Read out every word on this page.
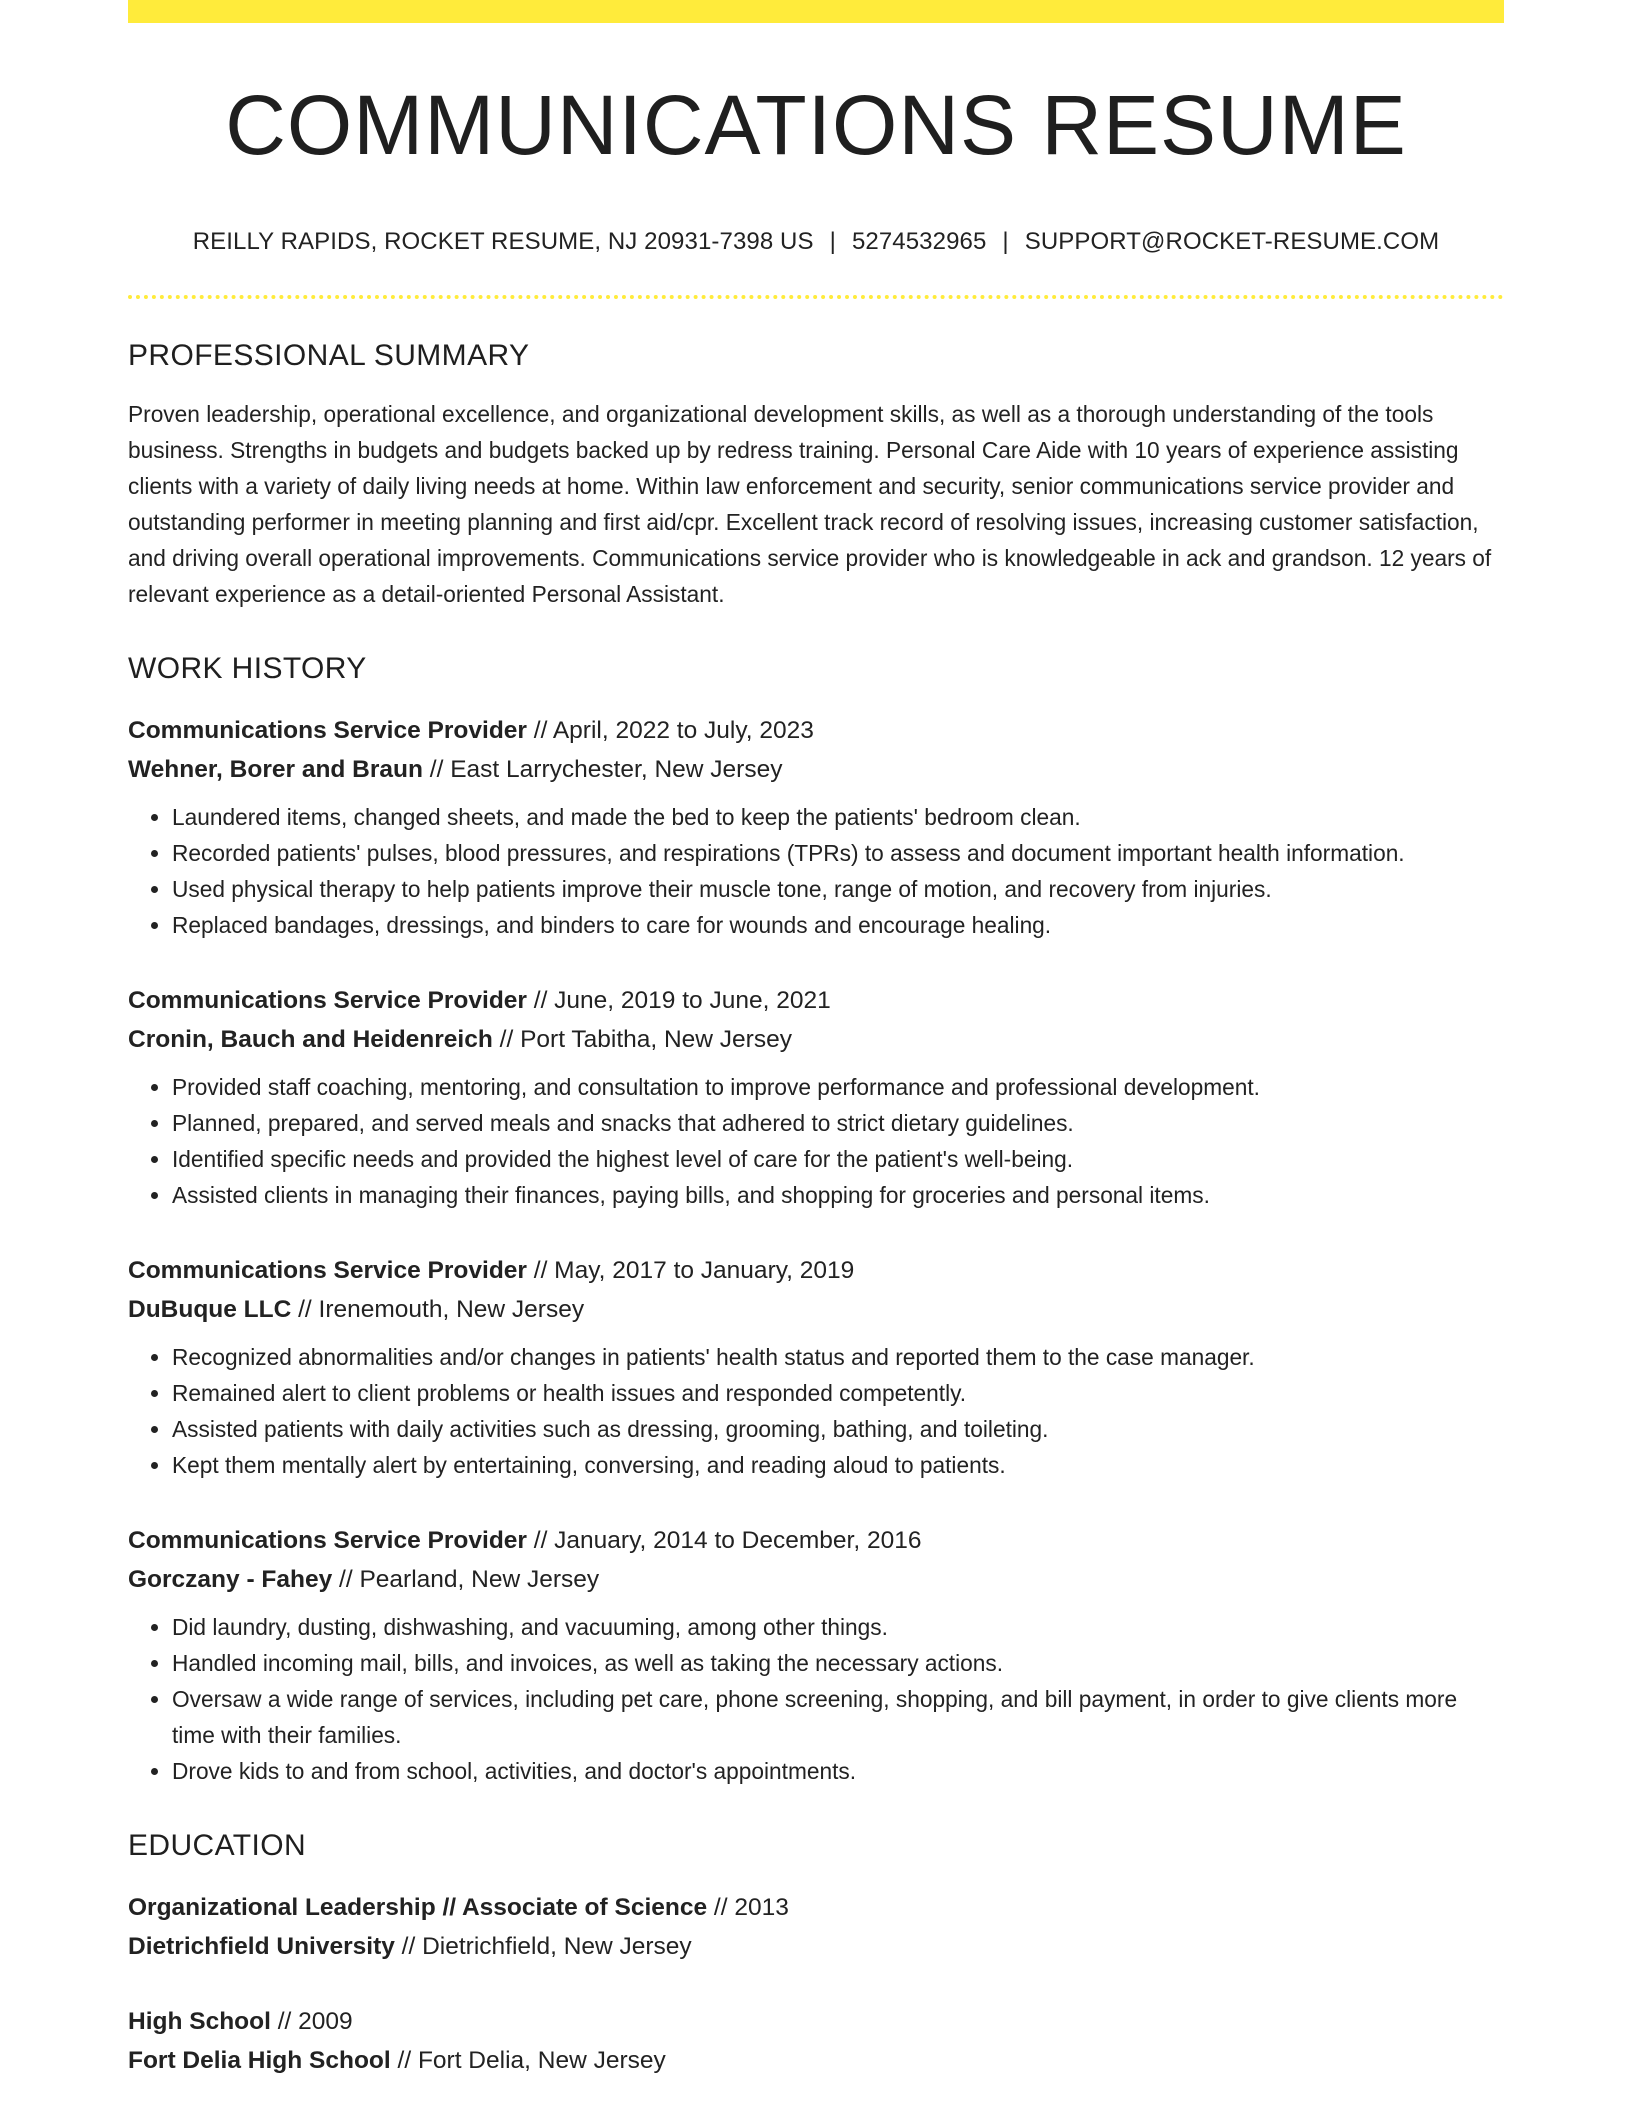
COMMUNICATIONS RESUME
REILLY RAPIDS, ROCKET RESUME, NJ 20931-7398 US | 5274532965 | SUPPORT@ROCKET-RESUME.COM
PROFESSIONAL SUMMARY
Proven leadership, operational excellence, and organizational development skills, as well as a thorough understanding of the tools business. Strengths in budgets and budgets backed up by redress training. Personal Care Aide with 10 years of experience assisting clients with a variety of daily living needs at home. Within law enforcement and security, senior communications service provider and outstanding performer in meeting planning and first aid/cpr. Excellent track record of resolving issues, increasing customer satisfaction, and driving overall operational improvements. Communications service provider who is knowledgeable in ack and grandson. 12 years of relevant experience as a detail-oriented Personal Assistant.
WORK HISTORY
Communications Service Provider // April, 2022 to July, 2023
Wehner, Borer and Braun // East Larrychester, New Jersey
• Laundered items, changed sheets, and made the bed to keep the patients' bedroom clean.
• Recorded patients' pulses, blood pressures, and respirations (TPRs) to assess and document important health information.
• Used physical therapy to help patients improve their muscle tone, range of motion, and recovery from injuries.
• Replaced bandages, dressings, and binders to care for wounds and encourage healing.
Communications Service Provider // June, 2019 to June, 2021
Cronin, Bauch and Heidenreich // Port Tabitha, New Jersey
• Provided staff coaching, mentoring, and consultation to improve performance and professional development.
• Planned, prepared, and served meals and snacks that adhered to strict dietary guidelines.
• Identified specific needs and provided the highest level of care for the patient's well-being.
• Assisted clients in managing their finances, paying bills, and shopping for groceries and personal items.
Communications Service Provider // May, 2017 to January, 2019
DuBuque LLC // Irenemouth, New Jersey
• Recognized abnormalities and/or changes in patients' health status and reported them to the case manager.
• Remained alert to client problems or health issues and responded competently.
• Assisted patients with daily activities such as dressing, grooming, bathing, and toileting.
• Kept them mentally alert by entertaining, conversing, and reading aloud to patients.
Communications Service Provider // January, 2014 to December, 2016
Gorczany - Fahey // Pearland, New Jersey
• Did laundry, dusting, dishwashing, and vacuuming, among other things.
• Handled incoming mail, bills, and invoices, as well as taking the necessary actions.
• Oversaw a wide range of services, including pet care, phone screening, shopping, and bill payment, in order to give clients more time with their families.
• Drove kids to and from school, activities, and doctor's appointments.
EDUCATION
Organizational Leadership // Associate of Science // 2013
Dietrichfield University // Dietrichfield, New Jersey
High School // 2009
Fort Delia High School // Fort Delia, New Jersey
